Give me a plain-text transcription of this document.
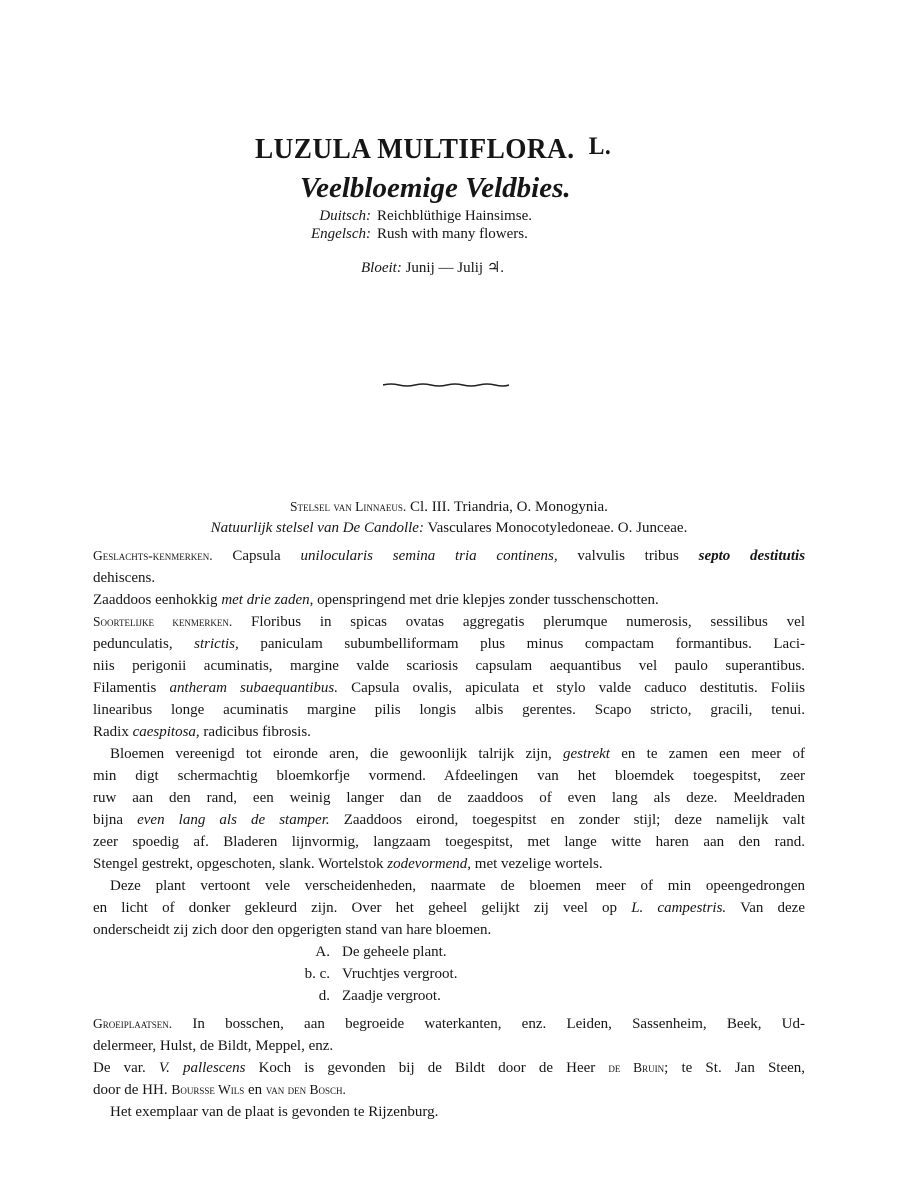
LUZULA MULTIFLORA. L.
Veelbloemige Veldbies.
Duitsch: Reichblüthige Hainsimse.
Engelsch: Rush with many flowers.
Bloeit: Junij — Julij ♃.
Stelsel van Linnaeus. Cl. III. Triandria, O. Monogynia.
Natuurlijk stelsel van De Candolle: Vasculares Monocotyledoneae. O. Junceae.
Geslachts-kenmerken. Capsula unilocularis semina tria continens, valvulis tribus septo destitutis
dehiscens.
Zaaddoos eenhokkig met drie zaden, openspringend met drie klepjes zonder tusschenschotten.
Soortelijke kenmerken. Floribus in spicas ovatas aggregatis plerumque numerosis, sessilibus vel
pedunculatis, strictis, paniculam subumbelliformam plus minus compactam formantibus. Laci-
niis perigonii acuminatis, margine valde scariosis capsulam aequantibus vel paulo superantibus.
Filamentis antheram subaequantibus. Capsula ovalis, apiculata et stylo valde caduco destitutis. Foliis
linearibus longe acuminatis margine pilis longis albis gerentes. Scapo stricto, gracili, tenui.
Radix caespitosa, radicibus fibrosis.
Bloemen vereenigd tot eironde aren, die gewoonlijk talrijk zijn, gestrekt en te zamen een meer of
min digt schermachtig bloemkorfje vormend. Afdeelingen van het bloemdek toegespitst, zeer
ruw aan den rand, een weinig langer dan de zaaddoos of even lang als deze. Meeldraden
bijna even lang als de stamper. Zaaddoos eirond, toegespitst en zonder stijl; deze namelijk valt
zeer spoedig af. Bladeren lijnvormig, langzaam toegespitst, met lange witte haren aan den rand.
Stengel gestrekt, opgeschoten, slank. Wortelstok zodevormend, met vezelige wortels.
Deze plant vertoont vele verscheidenheden, naarmate de bloemen meer of min opeengedrongen
en licht of donker gekleurd zijn. Over het geheel gelijkt zij veel op L. campestris. Van deze
onderscheidt zij zich door den opgerigten stand van hare bloemen.
A. De geheele plant.
b. c. Vruchtjes vergroot.
d. Zaadje vergroot.
Groeiplaatsen. In bosschen, aan begroeide waterkanten, enz. Leiden, Sassenheim, Beek, Ud-
delermeer, Hulst, de Bildt, Meppel, enz.
De var. V. pallescens Koch is gevonden bij de Bildt door de Heer de Bruin; te St. Jan Steen,
door de HH. Boursse Wils en van den Bosch.
Het exemplaar van de plaat is gevonden te Rijzenburg.
